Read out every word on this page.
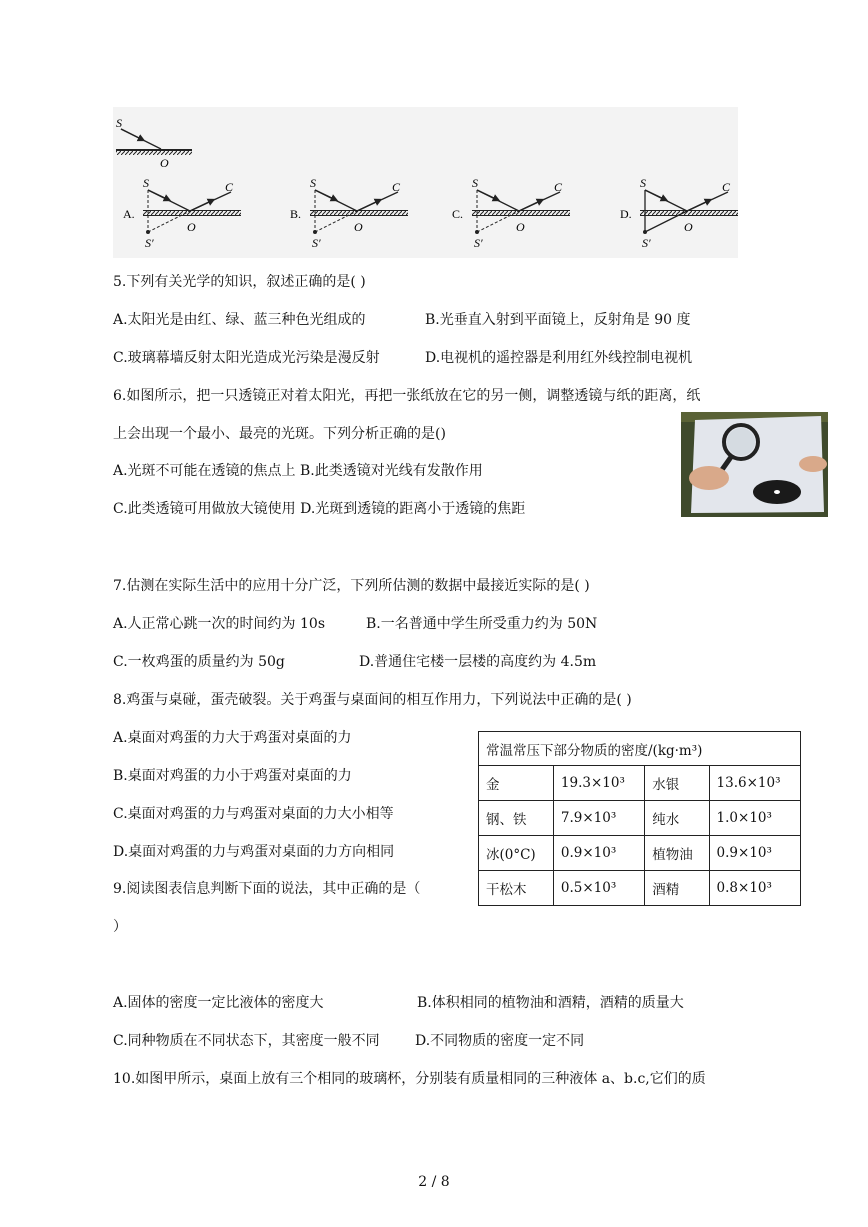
S
O
A.
S
S′
O
C
B.
S
S′
O
C
C.
S
S′
O
C
D.
S
S′
O
C
5.下列有关光学的知识，叙述正确的是( )
A.太阳光是由红、绿、蓝三种色光组成的	B.光垂直入射到平面镜上，反射角是 90 度
C.玻璃幕墙反射太阳光造成光污染是漫反射	D.电视机的遥控器是利用红外线控制电视机
6.如图所示，把一只透镜正对着太阳光，再把一张纸放在它的另一侧，调整透镜与纸的距离，纸
上会出现一个最小、最亮的光斑。下列分析正确的是()
A.光斑不可能在透镜的焦点上 B.此类透镜对光线有发散作用
C.此类透镜可用做放大镜使用 D.光斑到透镜的距离小于透镜的焦距
7.估测在实际生活中的应用十分广泛，下列所估测的数据中最接近实际的是( )
A.人正常心跳一次的时间约为 10s	B.一名普通中学生所受重力约为 50N
C.一枚鸡蛋的质量约为 50g	D.普通住宅楼一层楼的高度约为 4.5m
8.鸡蛋与桌碰，蛋壳破裂。关于鸡蛋与桌面间的相互作用力，下列说法中正确的是( )
A.桌面对鸡蛋的力大于鸡蛋对桌面的力
B.桌面对鸡蛋的力小于鸡蛋对桌面的力
C.桌面对鸡蛋的力与鸡蛋对桌面的力大小相等
D.桌面对鸡蛋的力与鸡蛋对桌面的力方向相同
常温常压下部分物质的密度/(kg·m³)			
金	19.3×10³	水银	13.6×10³
钢、铁	7.9×10³	纯水	1.0×10³
冰(0°C)	0.9×10³	植物油	0.9×10³
干松木	0.5×10³	酒精	0.8×10³
9.阅读图表信息判断下面的说法，其中正确的是（
）
A.固体的密度一定比液体的密度大	B.体积相同的植物油和酒精，酒精的质量大
C.同种物质在不同状态下，其密度一般不同	D.不同物质的密度一定不同
10.如图甲所示，桌面上放有三个相同的玻璃杯，分别装有质量相同的三种液体 a、b.c,它们的质
2 / 8
